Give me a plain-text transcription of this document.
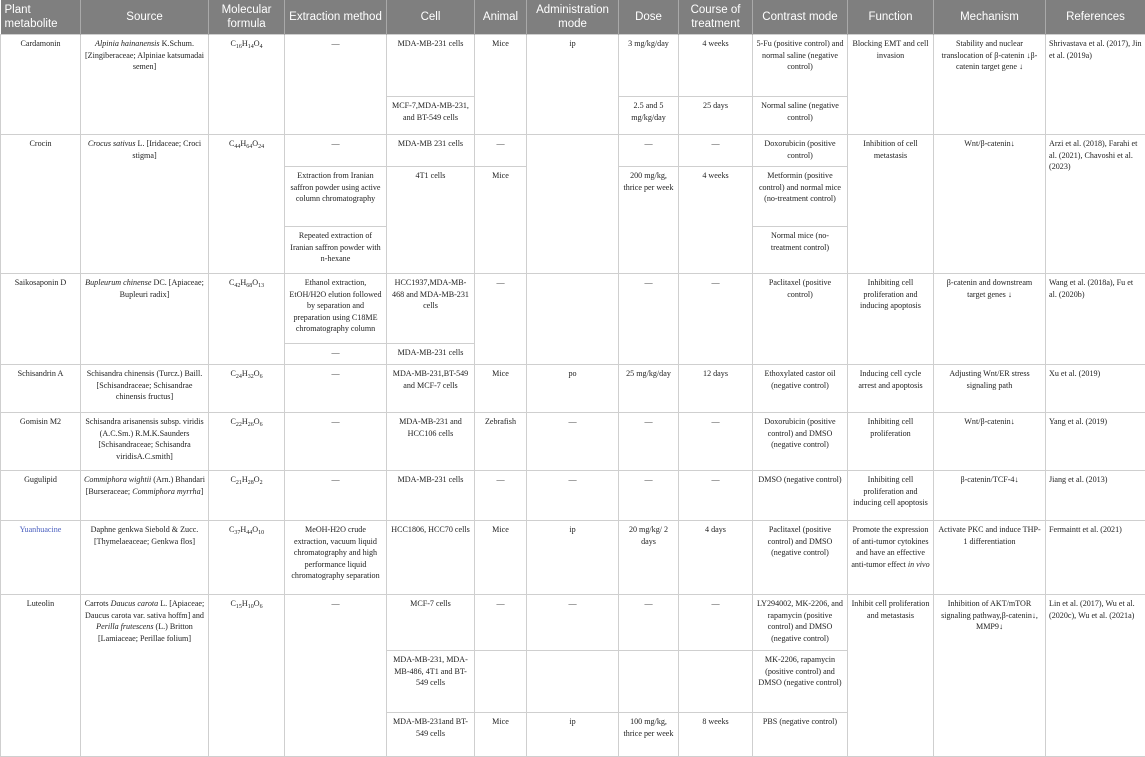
Plant metabolite	Source	Molecular formula	Extraction method	Cell	Animal	Administration mode	Dose	Course of treatment	Contrast mode	Function	Mechanism	References
Cardamonin	Alpinia hainanensis K.Schum. [Zingiberaceae; Alpiniae katsumadai semen]	$C_{16}H_{14}O_4$	—	MDA-MB-231 cells	Mice	ip	3 mg/kg/day	4 weeks	5-Fu (positive control) and normal saline (negative control)	Blocking EMT and cell invasion	Stability and nuclear translocation of β-catenin ↓β-catenin target gene ↓	Shrivastava et al. (2017), Jin et al. (2019a)
				MCF-7,MDA-MB-231, and BT-549 cells			2.5 and 5 mg/kg/day	25 days	Normal saline (negative control)			
Crocin	Crocus sativus L. [Iridaceae; Croci stigma]	$C_{44}H_{64}O_{24}$	—	MDA-MB 231 cells	—		—	—	Doxorubicin (positive control)	Inhibition of cell metastasis	Wnt/β-catenin↓	Arzi et al. (2018), Farahi et al. (2021), Chavoshi et al. (2023)
			Extraction from Iranian saffron powder using active column chromatography	4T1 cells	Mice		200 mg/kg, thrice per week	4 weeks	Metformin (positive control) and normal mice (no-treatment control)			
			Repeated extraction of Iranian saffron powder with n-hexane						Normal mice (no-treatment control)			
Saikosaponin D	Bupleurum chinense DC. [Apiaceae; Bupleuri radix]	$C_{42}H_{68}O_{13}$	Ethanol extraction, EtOH/H2O elution followed by separation and preparation using C18ME chromatography column	HCC1937,MDA-MB-468 and MDA-MB-231 cells	—		—	—	Paclitaxel (positive control)	Inhibiting cell proliferation and inducing apoptosis	β-catenin and downstream target genes ↓	Wang et al. (2018a), Fu et al. (2020b)
			—	MDA-MB-231 cells								
Schisandrin A	Schisandra chinensis (Turcz.) Baill. [Schisandraceae; Schisandrae chinensis fructus]	$C_{24}H_{32}O_6$	—	MDA-MB-231,BT-549 and MCF-7 cells	Mice	po	25 mg/kg/day	12 days	Ethoxylated castor oil (negative control)	Inducing cell cycle arrest and apoptosis	Adjusting Wnt/ER stress signaling path	Xu et al. (2019)
Gomisin M2	Schisandra arisanensis subsp. viridis (A.C.Sm.) R.M.K.Saunders [Schisandraceae; Schisandra viridisA.C.smith]	$C_{22}H_{26}O_6$	—	MDA-MB-231 and HCC106 cells	Zebrafish	—	—	—	Doxorubicin (positive control) and DMSO (negative control)	Inhibiting cell proliferation	Wnt/β-catenin↓	Yang et al. (2019)
Gugulipid	Commiphora wightii (Arn.) Bhandari [Burseraceae; Commiphora myrrha]	$C_{21}H_{28}O_2$	—	MDA-MB-231 cells	—	—	—	—	DMSO (negative control)	Inhibiting cell proliferation and inducing cell apoptosis	β-catenin/TCF-4↓	Jiang et al. (2013)
Yuanhuacine	Daphne genkwa Siebold & Zucc. [Thymelaeaceae; Genkwa flos]	$C_{37}H_{44}O_{10}$	MeOH-H2O crude extraction, vacuum liquid chromatography and high performance liquid chromatography separation	HCC1806, HCC70 cells	Mice	ip	20 mg/kg/ 2 days	4 days	Paclitaxel (positive control) and DMSO (negative control)	Promote the expression of anti-tumor cytokines and have an effective anti-tumor effect in vivo	Activate PKC and induce THP-1 differentiation	Fermaintt et al. (2021)
Luteolin	Carrots Daucus carota L. [Apiaceae; Daucus carota var. sativa hoffm] and Perilla frutescens (L.) Britton [Lamiaceae; Perillae folium]	$C_{15}H_{10}O_6$	—	MCF-7 cells	—	—	—	—	LY294002, MK-2206, and rapamycin (positive control) and DMSO (negative control)	Inhibit cell proliferation and metastasis	Inhibition of AKT/mTOR signaling pathway,β-catenin↓, MMP9↓	Lin et al. (2017), Wu et al. (2020c), Wu et al. (2021a)
				MDA-MB-231, MDA-MB-486, 4T1 and BT-549 cells					MK-2206, rapamycin (positive control) and DMSO (negative control)			
				MDA-MB-231and BT-549 cells	Mice	ip	100 mg/kg, thrice per week	8 weeks	PBS (negative control)			
